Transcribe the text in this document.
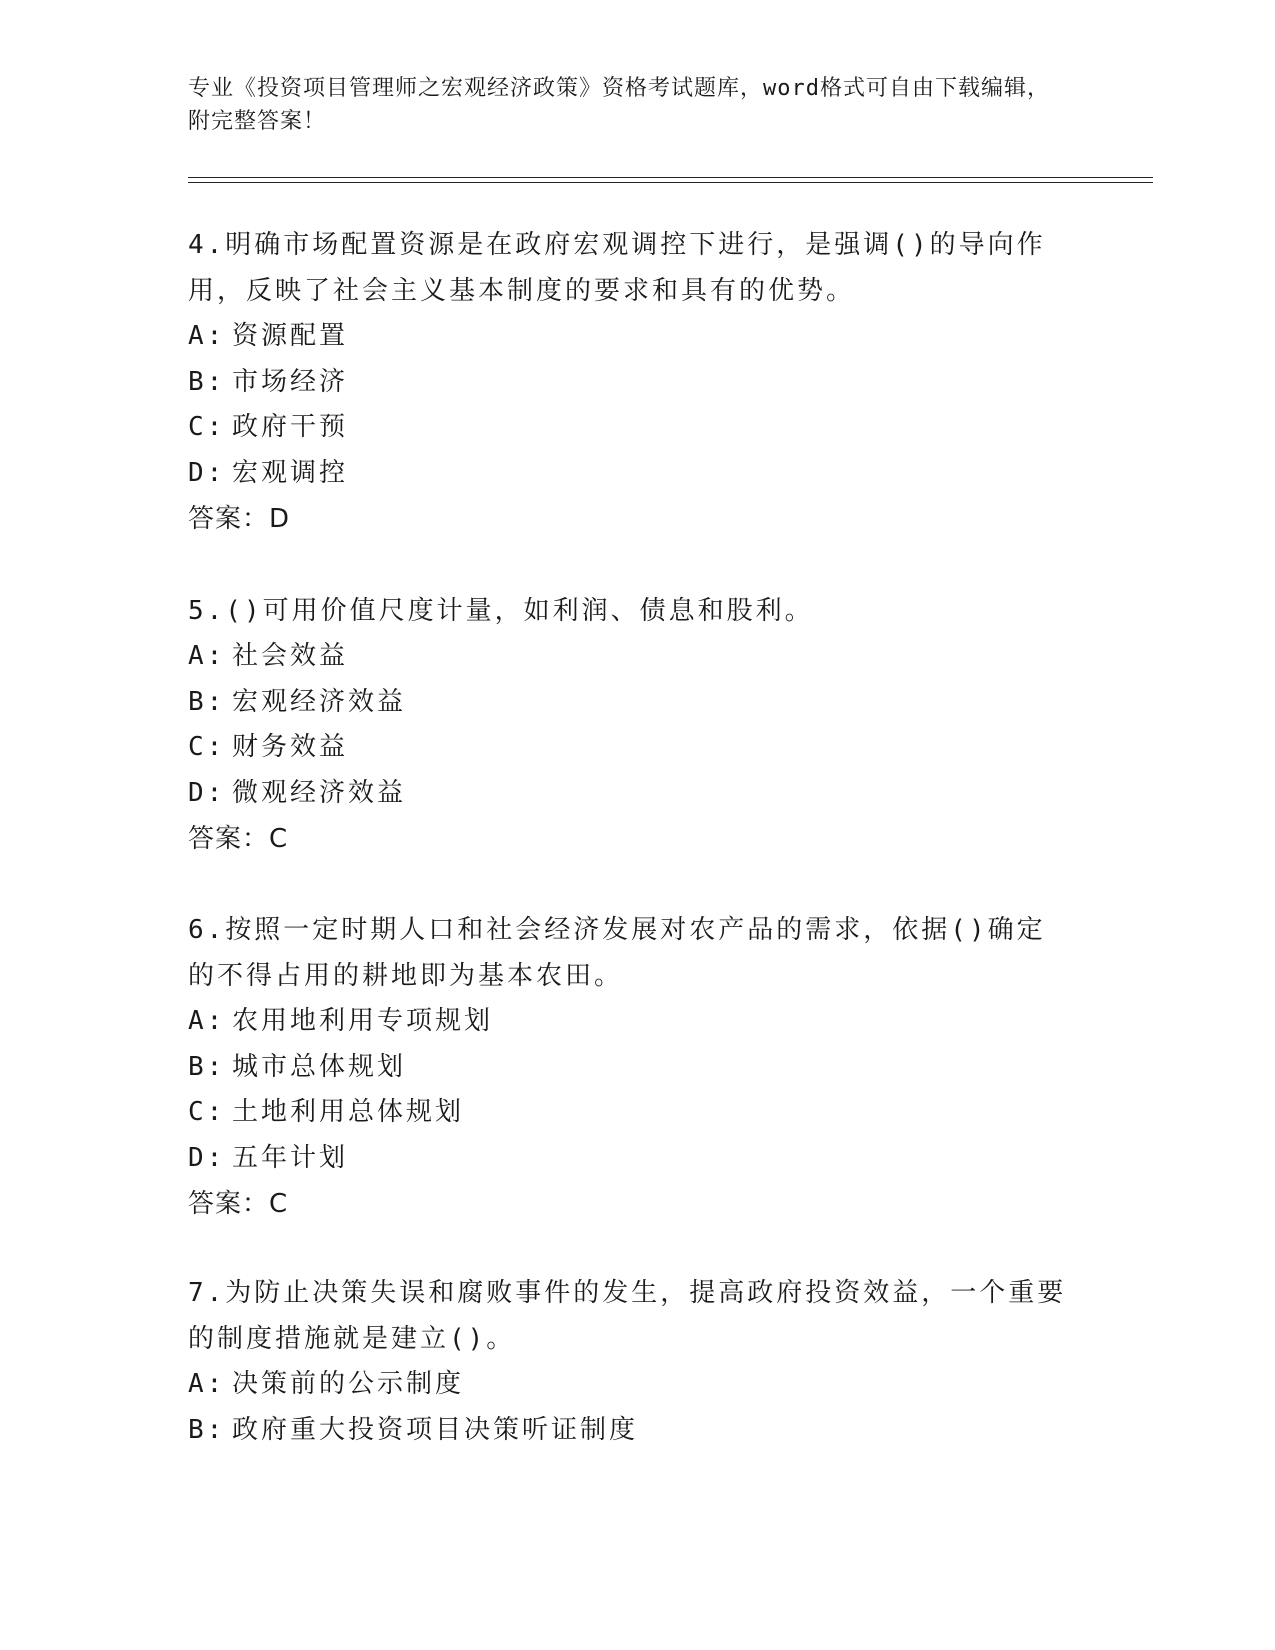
专业《投资项目管理师之宏观经济政策》资格考试题库，word格式可自由下载编辑，附完整答案！

4.明确市场配置资源是在政府宏观调控下进行，是强调()的导向作用，反映了社会主义基本制度的要求和具有的优势。

A: 资源配置

B: 市场经济

C: 政府干预

D: 宏观调控

答案：D

5.()可用价值尺度计量，如利润、债息和股利。

A: 社会效益

B: 宏观经济效益

C: 财务效益

D: 微观经济效益

答案：C

6.按照一定时期人口和社会经济发展对农产品的需求，依据()确定的不得占用的耕地即为基本农田。

A: 农用地利用专项规划

B: 城市总体规划

C: 土地利用总体规划

D: 五年计划

答案：C

7.为防止决策失误和腐败事件的发生，提高政府投资效益，一个重要的制度措施就是建立()。

A: 决策前的公示制度

B: 政府重大投资项目决策听证制度
